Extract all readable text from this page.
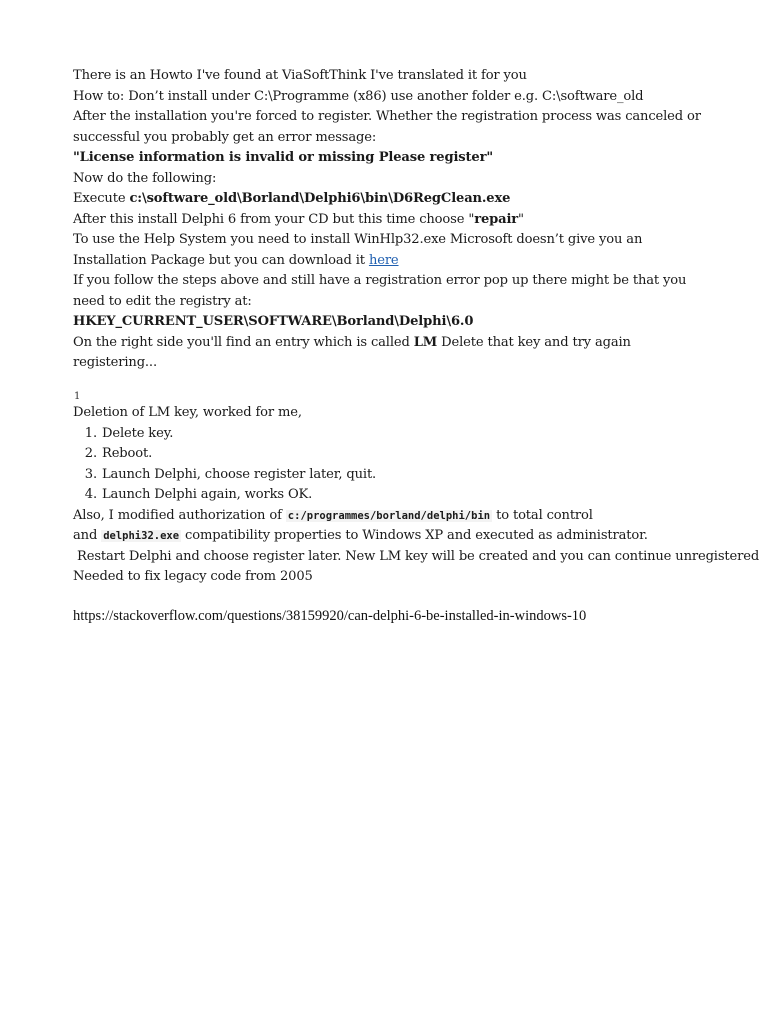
There is an Howto I've found at ViaSoftThink I've translated it for you

How to: Don’t install under C:\Programme (x86) use another folder e.g. C:\software_old

After the installation you're forced to register. Whether the registration process was canceled or successful you probably get an error message:

"License information is invalid or missing Please register"

Now do the following:

Execute c:\software_old\Borland\Delphi6\bin\D6RegClean.exe

After this install Delphi 6 from your CD but this time choose "repair"

To use the Help System you need to install WinHlp32.exe Microsoft doesn’t give you an Installation Package but you can download it here

If you follow the steps above and still have a registration error pop up there might be that you need to edit the registry at:

HKEY_CURRENT_USER\SOFTWARE\Borland\Delphi\6.0

On the right side you'll find an entry which is called LM Delete that key and try again registering...

1

Deletion of LM key, worked for me,

1. Delete key.
2. Reboot.
3. Launch Delphi, choose register later, quit.
4. Launch Delphi again, works OK.

Also, I modified authorization of c:/programmes/borland/delphi/bin to total control

and delphi32.exe compatibility properties to Windows XP and executed as administrator.

Restart Delphi and choose register later. New LM key will be created and you can continue unregistered

Needed to fix legacy code from 2005

https://stackoverflow.com/questions/38159920/can-delphi-6-be-installed-in-windows-10
